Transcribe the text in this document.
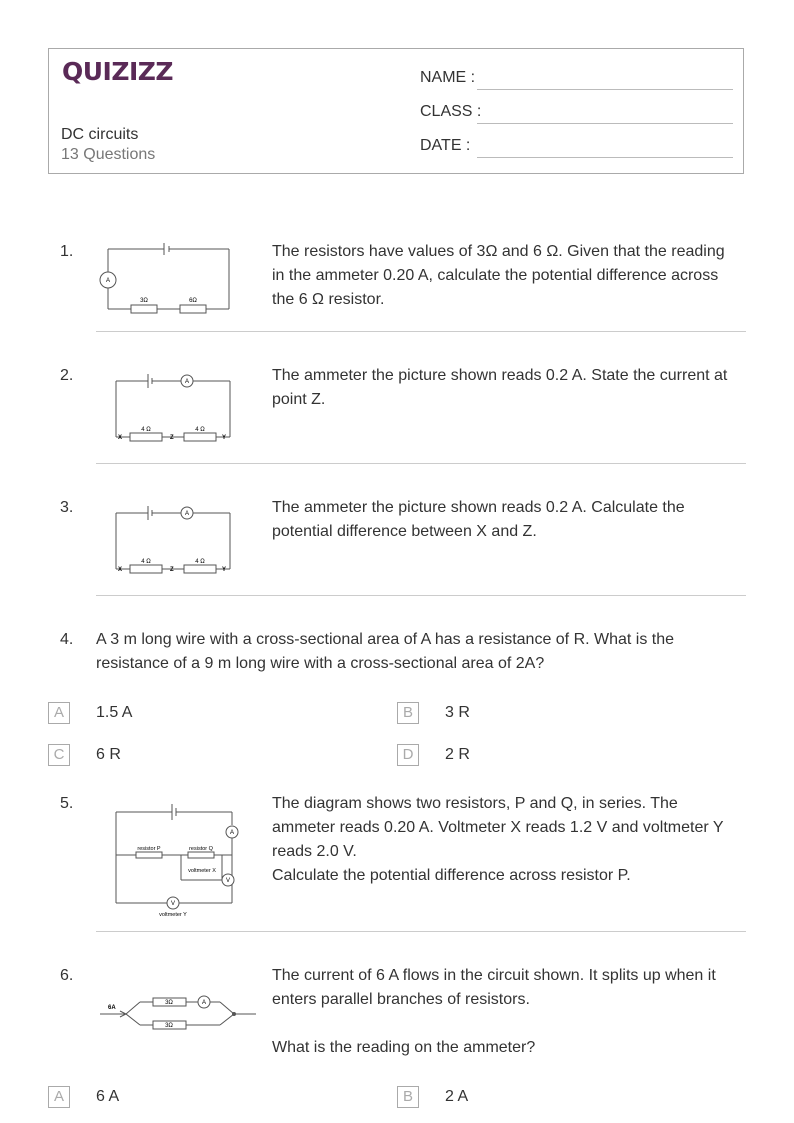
QUIZIZZ
DC circuits
13 Questions
NAME :
CLASS :
DATE :
1.
A
3Ω	6Ω
The resistors have values of 3Ω and 6 Ω. Given that the reading
in the ammeter 0.20 A, calculate the potential difference across
the 6 Ω resistor.
2.	A
X	Z	Y
4 Ω	4 Ω
The ammeter the picture shown reads 0.2 A. State the current at
point Z.
3.	A
X	Z	Y
4 Ω	4 Ω
The ammeter the picture shown reads 0.2 A. Calculate the
potential difference between X and Z.
4. A 3 m long wire with a cross-sectional area of A has a resistance of R. What is the
resistance of a 9 m long wire with a cross-sectional area of 2A?
A	1.5 A	B	3 R
C	6 R	D	2 R
5.
A
V
V
resistor P	resistor Q
voltmeter X
voltmeter Y
The diagram shows two resistors, P and Q, in series. The
ammeter reads 0.20 A. Voltmeter X reads 1.2 V and voltmeter Y
reads 2.0 V.
Calculate the potential difference across resistor P.
6.
6A
3Ω
3Ω
A
The current of 6 A flows in the circuit shown. It splits up when it
enters parallel branches of resistors.
What is the reading on the ammeter?
A	6 A	B	2 A
